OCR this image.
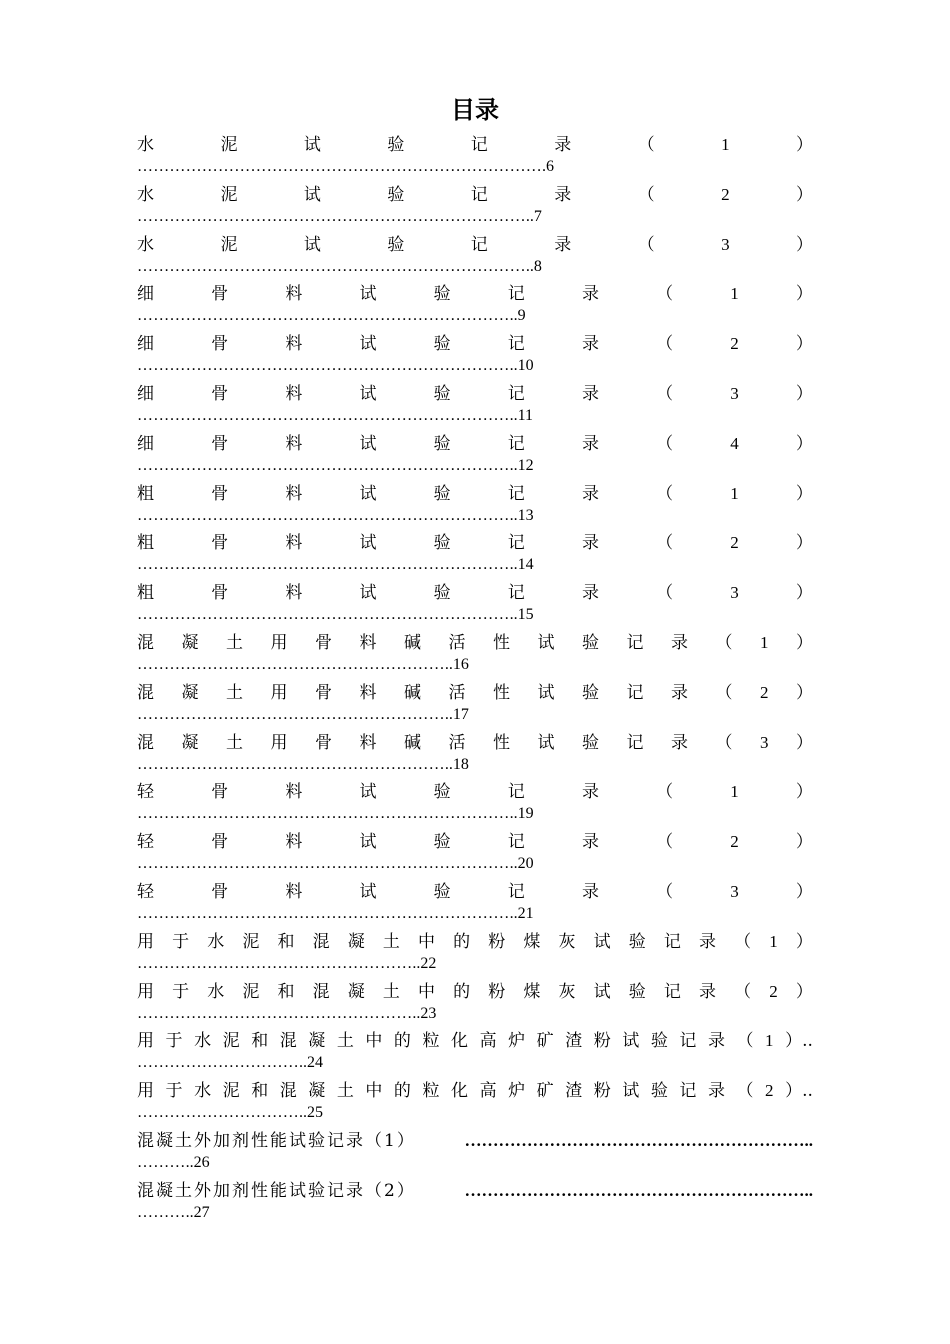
目录
水	泥	试	验	记	录	（	1	）
………………………………………………………………….6
水	泥	试	验	记	录	（	2	）
………………………………………………………………..7
水	泥	试	验	记	录	（	3	）
………………………………………………………………..8
细	骨	料	试	验	记	录	（	1	）
……………………………………………………………..9
细	骨	料	试	验	记	录	（	2	）
……………………………………………………………..10
细	骨	料	试	验	记	录	（	3	）
……………………………………………………………..11
细	骨	料	试	验	记	录	（	4	）
……………………………………………………………..12
粗	骨	料	试	验	记	录	（	1	）
……………………………………………………………..13
粗	骨	料	试	验	记	录	（	2	）
……………………………………………………………..14
粗	骨	料	试	验	记	录	（	3	）
……………………………………………………………..15
混 凝 土 用 骨 料 碱 活 性 试 验 记 录 （ 1 ）
…………………………………………………..16
混 凝 土 用 骨 料 碱 活 性 试 验 记 录 （ 2 ）
…………………………………………………..17
混 凝 土 用 骨 料 碱 活 性 试 验 记 录 （ 3 ）
…………………………………………………..18
轻	骨	料	试	验	记	录	（	1	）
……………………………………………………………..19
轻	骨	料	试	验	记	录	（	2	）
……………………………………………………………..20
轻	骨	料	试	验	记	录	（	3	）
……………………………………………………………..21
用 于 水 泥 和 混 凝 土 中 的 粉 煤 灰 试 验 记 录 （ 1 ）
……………………………………………..22
用 于 水 泥 和 混 凝 土 中 的 粉 煤 灰 试 验 记 录 （ 2 ）
……………………………………………..23
用 于 水 泥 和 混 凝 土 中 的 粒 化 高 炉 矿 渣 粉 试 验 记 录 （ 1 ）..
…………………………..24
用 于 水 泥 和 混 凝 土 中 的 粒 化 高 炉 矿 渣 粉 试 验 记 录 （ 2 ）..
…………………………..25
混凝土外加剂性能试验记录（1）	……………………………………………………..
………..26
混凝土外加剂性能试验记录（2）	……………………………………………………..
………..27
